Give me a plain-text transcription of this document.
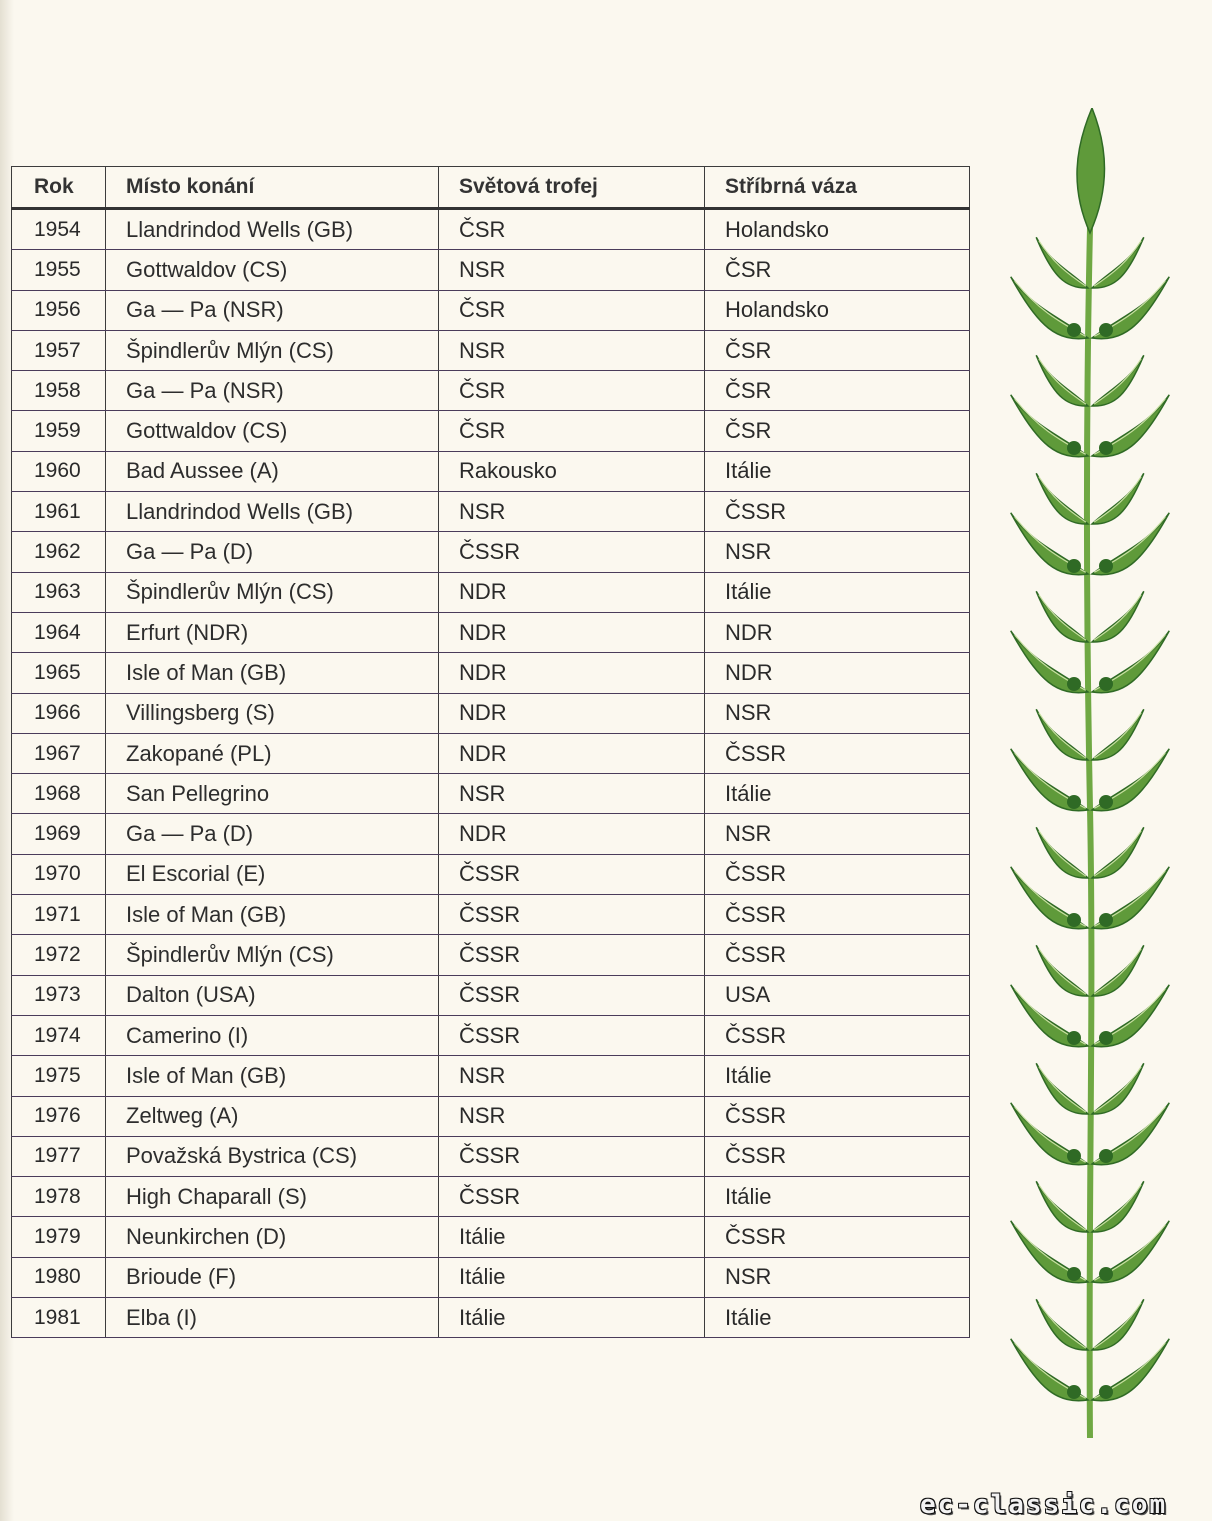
Rok	Místo konání	Světová trofej	Stříbrná váza
1954	Llandrindod Wells (GB)	ČSR	Holandsko
1955	Gottwaldov (CS)	NSR	ČSR
1956	Ga — Pa (NSR)	ČSR	Holandsko
1957	Špindlerův Mlýn (CS)	NSR	ČSR
1958	Ga — Pa (NSR)	ČSR	ČSR
1959	Gottwaldov (CS)	ČSR	ČSR
1960	Bad Aussee (A)	Rakousko	Itálie
1961	Llandrindod Wells (GB)	NSR	ČSSR
1962	Ga — Pa (D)	ČSSR	NSR
1963	Špindlerův Mlýn (CS)	NDR	Itálie
1964	Erfurt (NDR)	NDR	NDR
1965	Isle of Man (GB)	NDR	NDR
1966	Villingsberg (S)	NDR	NSR
1967	Zakopané (PL)	NDR	ČSSR
1968	San Pellegrino	NSR	Itálie
1969	Ga — Pa (D)	NDR	NSR
1970	El Escorial (E)	ČSSR	ČSSR
1971	Isle of Man (GB)	ČSSR	ČSSR
1972	Špindlerův Mlýn (CS)	ČSSR	ČSSR
1973	Dalton (USA)	ČSSR	USA
1974	Camerino (I)	ČSSR	ČSSR
1975	Isle of Man (GB)	NSR	Itálie
1976	Zeltweg (A)	NSR	ČSSR
1977	Považská Bystrica (CS)	ČSSR	ČSSR
1978	High Chaparall (S)	ČSSR	Itálie
1979	Neunkirchen (D)	Itálie	ČSSR
1980	Brioude (F)	Itálie	NSR
1981	Elba (I)	Itálie	Itálie
ec-classic.com
